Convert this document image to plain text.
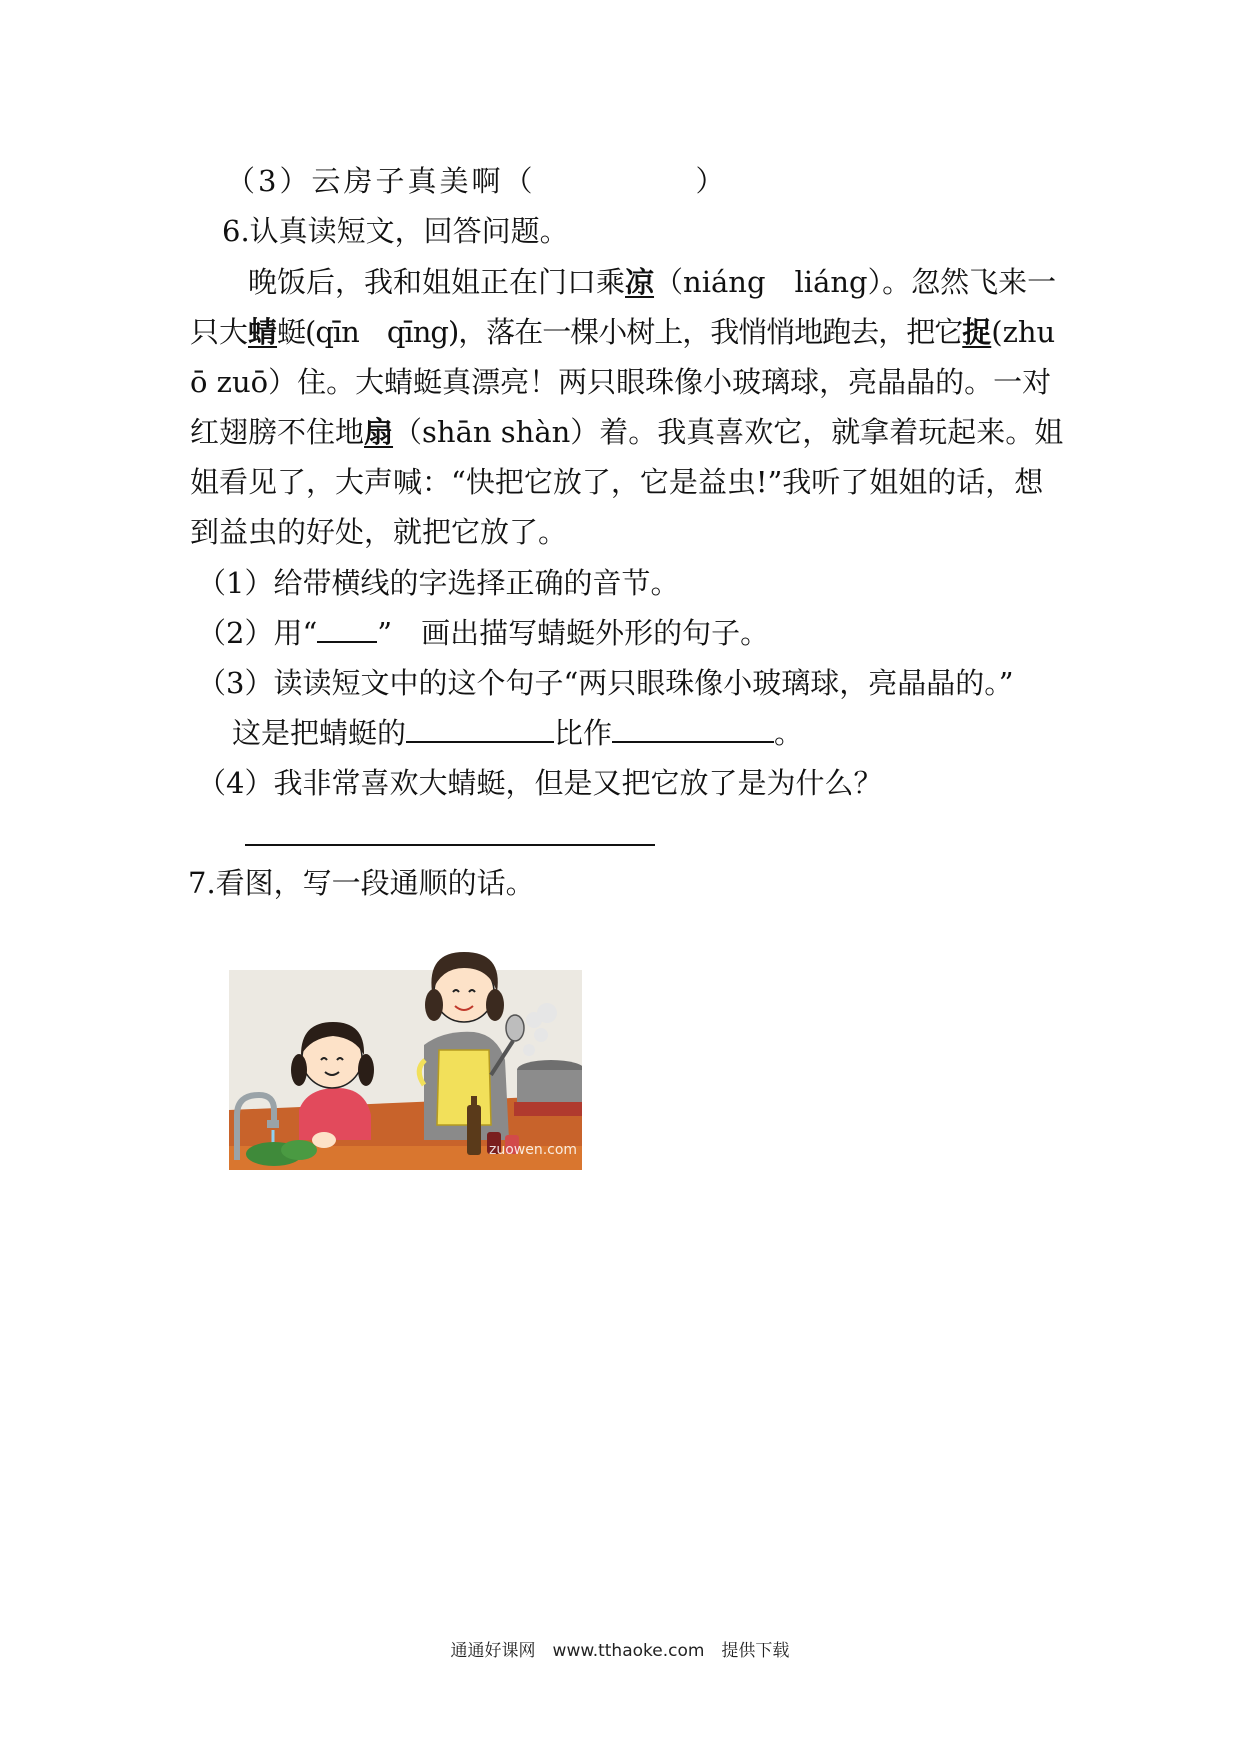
（3）云房子真美啊（　　　　　）
6.认真读短文，回答问题。
晚饭后，我和姐姐正在门口乘凉（niáng　liáng）。忽然飞来一
只大蜻蜓(qīn　qīng)，落在一棵小树上，我悄悄地跑去，把它捉(zhu
ō zuō）住。大蜻蜓真漂亮！两只眼珠像小玻璃球，亮晶晶的。一对
红翅膀不住地扇（shān shàn）着。我真喜欢它，就拿着玩起来。姐
姐看见了，大声喊：“快把它放了，它是益虫!”我听了姐姐的话，想
到益虫的好处，就把它放了。
（1）给带横线的字选择正确的音节。
（2）用“ ”　画出描写蜻蜓外形的句子。
（3）读读短文中的这个句子“两只眼珠像小玻璃球，亮晶晶的。”
这是把蜻蜓的	比作	。
（4）我非常喜欢大蜻蜓，但是又把它放了是为什么？
7.看图，写一段通顺的话。
zuowen.com
通通好课网　www.tthaoke.com　提供下载
